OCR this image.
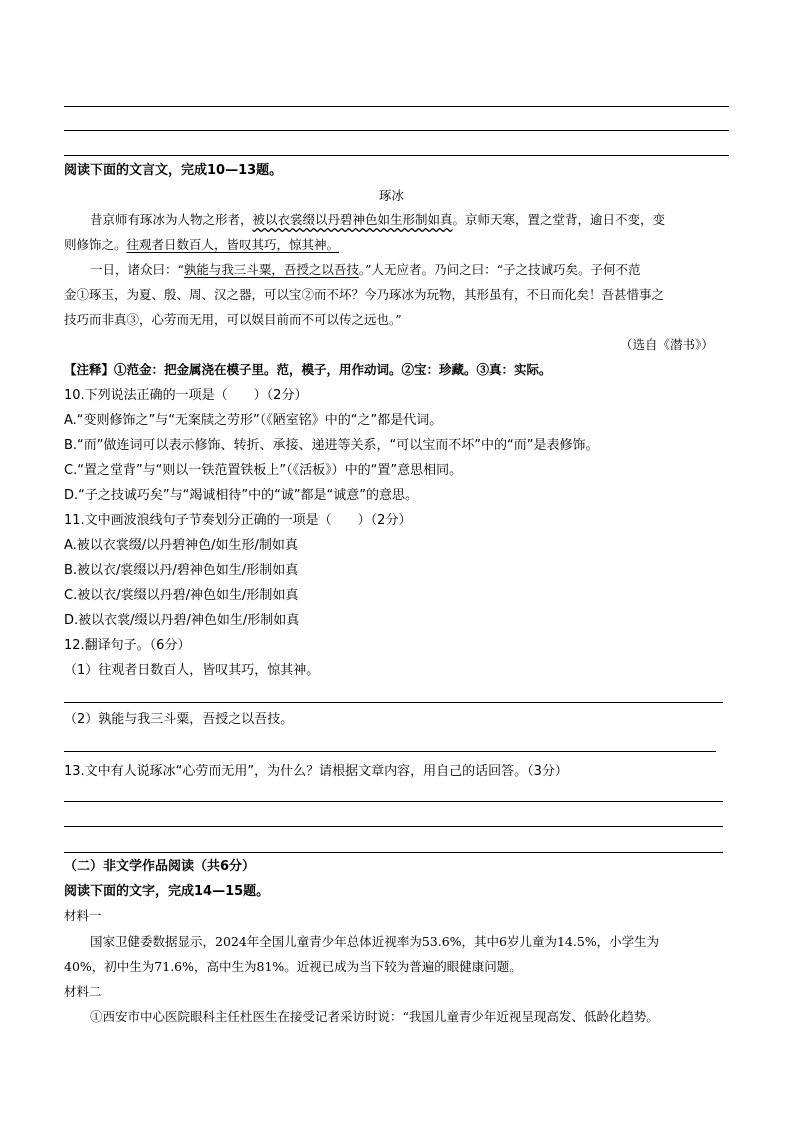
阅读下面的文言文，完成10—13题。
琢冰
昔京师有琢冰为人物之形者，被以衣裳缀以丹碧神色如生形制如真。京师天寒，置之堂背，逾日不变，变
则修饰之。往观者日数百人，皆叹其巧，惊其神。
一日，诸众曰：“孰能与我三斗粟，吾授之以吾技。”人无应者。乃问之曰：“子之技诚巧矣。子何不范
金①琢玉，为夏、殷、周、汉之器，可以宝②而不坏？今乃琢冰为玩物，其形虽有，不日而化矣！吾甚惜事之
技巧而非真③，心劳而无用，可以娱目前而不可以传之远也。”
（选自《潜书》）
【注释】①范金：把金属浇在模子里。范，模子，用作动词。②宝：珍藏。③真：实际。
10.下列说法正确的一项是（　　）（2分）
A.“变则修饰之”与“无案牍之劳形”（《陋室铭》中的“之”都是代词。
B.“而”做连词可以表示修饰、转折、承接、递进等关系，“可以宝而不坏”中的“而”是表修饰。
C.“置之堂背”与“则以一铁范置铁板上”（《活板》）中的“置”意思相同。
D.“子之技诚巧矣”与“竭诚相待”中的“诚”都是“诚意”的意思。
11.文中画波浪线句子节奏划分正确的一项是（　　）（2分）
A.被以衣裳缀/以丹碧神色/如生形/制如真
B.被以衣/裳缀以丹/碧神色如生/形制如真
C.被以衣/裳缀以丹碧/神色如生/形制如真
D.被以衣裳/缀以丹碧/神色如生/形制如真
12.翻译句子。（6分）
（1）往观者日数百人，皆叹其巧，惊其神。
（2）孰能与我三斗粟，吾授之以吾技。
13.文中有人说琢冰“心劳而无用”，为什么？请根据文章内容，用自己的话回答。（3分）
（二）非文学作品阅读（共6分）
阅读下面的文字，完成14—15题。
材料一
国家卫健委数据显示，2024年全国儿童青少年总体近视率为53.6%，其中6岁儿童为14.5%，小学生为
40%，初中生为71.6%，高中生为81%。近视已成为当下较为普遍的眼健康问题。
材料二
①西安市中心医院眼科主任杜医生在接受记者采访时说：“我国儿童青少年近视呈现高发、低龄化趋势。
